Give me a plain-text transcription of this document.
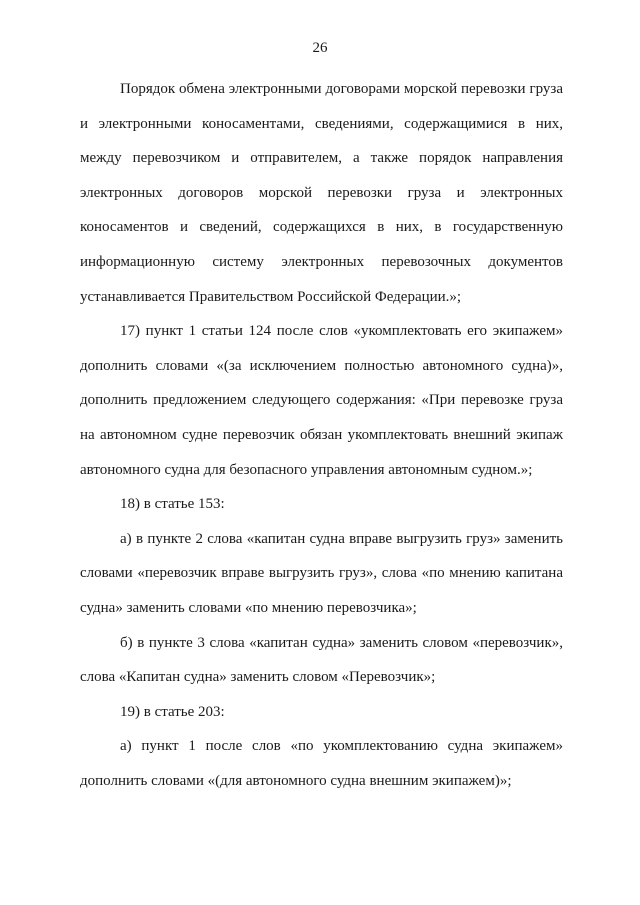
26
Порядок обмена электронными договорами морской перевозки груза
и электронными коносаментами, сведениями, содержащимися в них,
между перевозчиком и отправителем, а также порядок направления
электронных договоров морской перевозки груза и электронных
коносаментов и сведений, содержащихся в них, в государственную
информационную систему электронных перевозочных документов
устанавливается Правительством Российской Федерации.»;
17) пункт 1 статьи 124 после слов «укомплектовать его экипажем»
дополнить словами «(за исключением полностью автономного судна)»,
дополнить предложением следующего содержания: «При перевозке груза
на автономном судне перевозчик обязан укомплектовать внешний экипаж
автономного судна для безопасного управления автономным судном.»;
18) в статье 153:
а) в пункте 2 слова «капитан судна вправе выгрузить груз» заменить
словами «перевозчик вправе выгрузить груз», слова «по мнению капитана
судна» заменить словами «по мнению перевозчика»;
б) в пункте 3 слова «капитан судна» заменить словом «перевозчик»,
слова «Капитан судна» заменить словом «Перевозчик»;
19) в статье 203:
а) пункт 1 после слов «по укомплектованию судна экипажем»
дополнить словами «(для автономного судна внешним экипажем)»;
